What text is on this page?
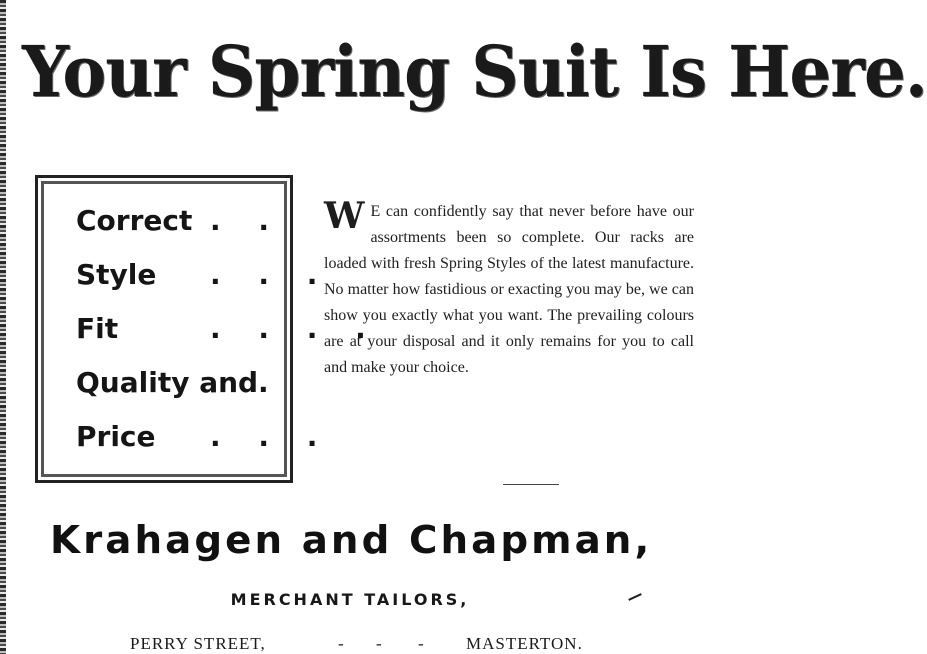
Your Spring Suit Is Here.
Correct . .
Style . . .
Fit	. . . .
Quality and .
Price . . .
W E can confidently say that never before have our assortments been so complete. Our racks are loaded with fresh Spring Styles of the latest manufacture. No matter how fastidious or exacting you may be, we can show you exactly what you want. The prevailing colours are at your disposal and it only remains for you to call and make your choice.
Krahagen and Chapman,
MERCHANT TAILORS,
PERRY STREET,	- - - MASTERTON.
